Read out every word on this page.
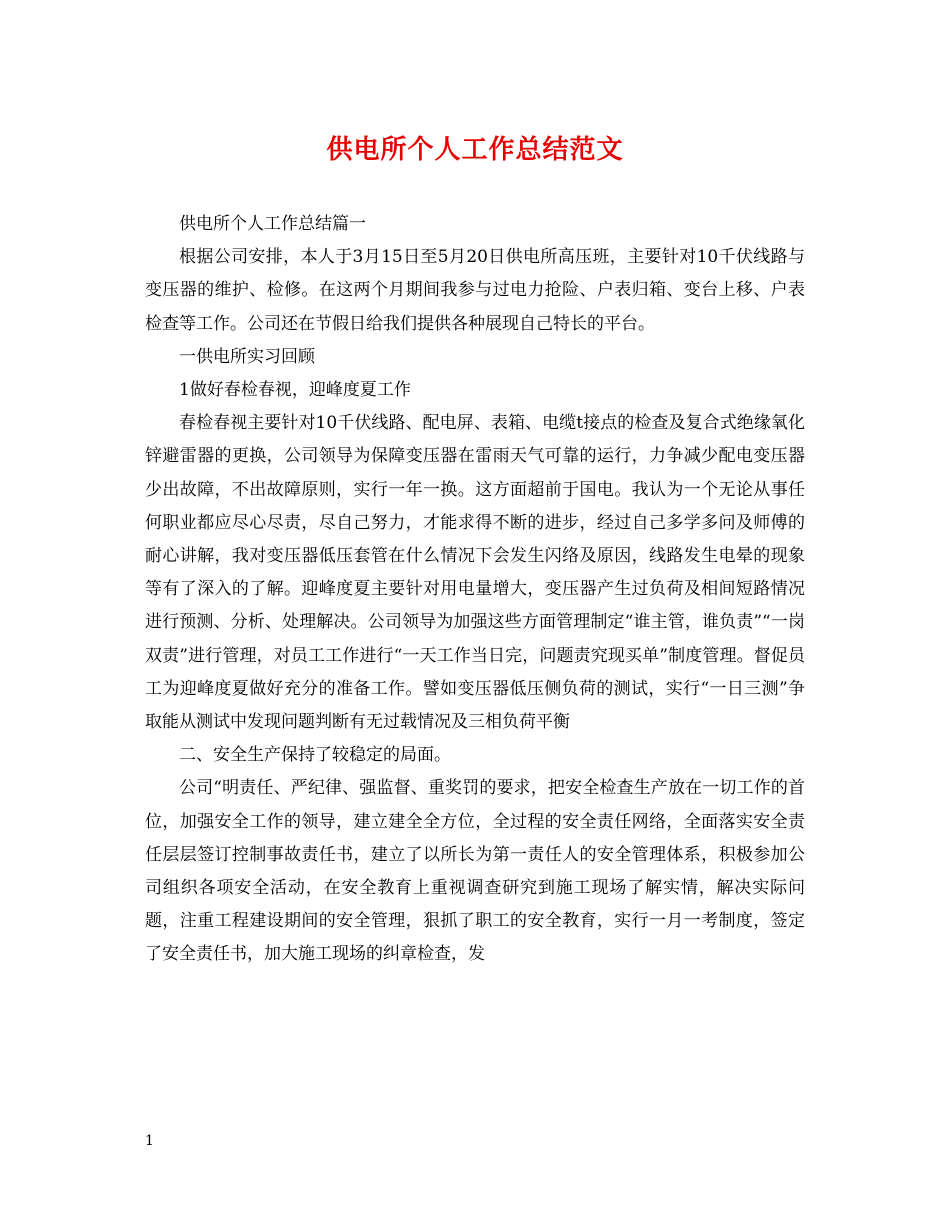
供电所个人工作总结范文

供电所个人工作总结篇一

根据公司安排，本人于3月15日至5月20日供电所高压班，主要针对10千伏线路与变压器的维护、检修。在这两个月期间我参与过电力抢险、户表归箱、变台上移、户表检查等工作。公司还在节假日给我们提供各种展现自己特长的平台。

一供电所实习回顾

1做好春检春视，迎峰度夏工作

春检春视主要针对10千伏线路、配电屏、表箱、电缆t接点的检查及复合式绝缘氧化锌避雷器的更换，公司领导为保障变压器在雷雨天气可靠的运行，力争减少配电变压器少出故障，不出故障原则，实行一年一换。这方面超前于国电。我认为一个无论从事任何职业都应尽心尽责，尽自己努力，才能求得不断的进步，经过自己多学多问及师傅的耐心讲解，我对变压器低压套管在什么情况下会发生闪络及原因，线路发生电晕的现象等有了深入的了解。迎峰度夏主要针对用电量增大，变压器产生过负荷及相间短路情况进行预测、分析、处理解决。公司领导为加强这些方面管理制定“谁主管，谁负责”“一岗双责”进行管理，对员工工作进行“一天工作当日完，问题责究现买单”制度管理。督促员工为迎峰度夏做好充分的准备工作。譬如变压器低压侧负荷的测试，实行“一日三测”争取能从测试中发现问题判断有无过载情况及三相负荷平衡

二、安全生产保持了较稳定的局面。

公司“明责任、严纪律、强监督、重奖罚的要求，把安全检查生产放在一切工作的首位，加强安全工作的领导，建立建全全方位，全过程的安全责任网络，全面落实安全责任层层签订控制事故责任书，建立了以所长为第一责任人的安全管理体系，积极参加公司组织各项安全活动，在安全教育上重视调查研究到施工现场了解实情，解决实际问题，注重工程建设期间的安全管理，狠抓了职工的安全教育，实行一月一考制度，签定了安全责任书，加大施工现场的纠章检查，发

1
